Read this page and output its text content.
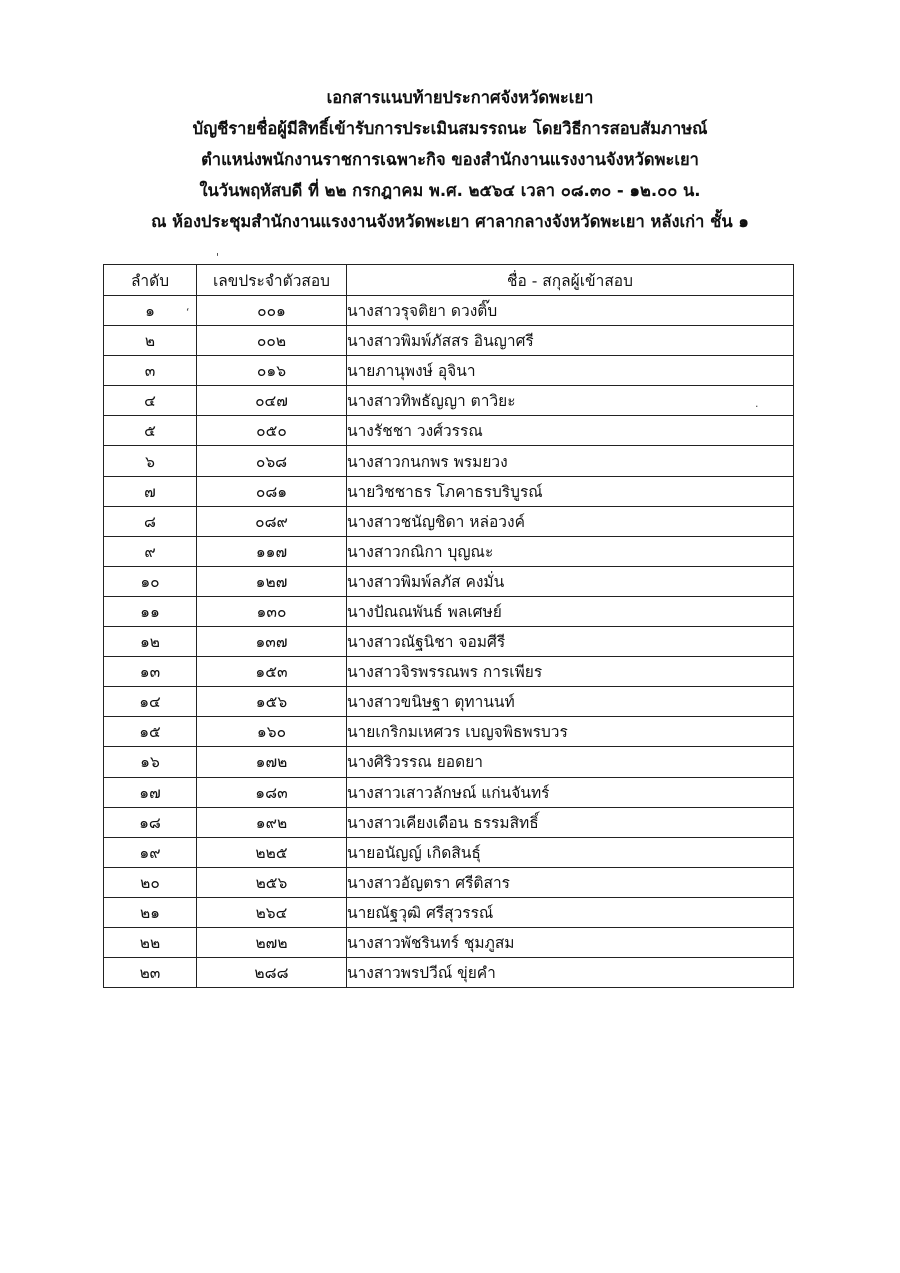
เอกสารแนบท้ายประกาศจังหวัดพะเยา
บัญชีรายชื่อผู้มีสิทธิ์เข้ารับการประเมินสมรรถนะ โดยวิธีการสอบสัมภาษณ์
ตำแหน่งพนักงานราชการเฉพาะกิจ ของสำนักงานแรงงานจังหวัดพะเยา
ในวันพฤหัสบดี ที่ ๒๒ กรกฎาคม พ.ศ. ๒๕๖๔ เวลา ๐๘.๓๐ - ๑๒.๐๐ น.
ณ ห้องประชุมสำนักงานแรงงานจังหวัดพะเยา ศาลากลางจังหวัดพะเยา หลังเก่า ชั้น ๑
ลำดับ	เลขประจำตัวสอบ	ชื่อ - สกุลผู้เข้าสอบ
๑	๐๐๑	นางสาวรุจติยา ดวงติ๊บ
๒	๐๐๒	นางสาวพิมพ์ภัสสร อินญาศรี
๓	๐๑๖	นายภานุพงษ์ อุจินา
๔	๐๔๗	นางสาวทิพธัญญา ตาวิยะ
๕	๐๕๐	นางรัชชา วงศ์วรรณ
๖	๐๖๘	นางสาวกนกพร พรมยวง
๗	๐๘๑	นายวิชชาธร โภคาธรบริบูรณ์
๘	๐๘๙	นางสาวชนัญชิดา หล่อวงค์
๙	๑๑๗	นางสาวกณิกา บุญณะ
๑๐	๑๒๗	นางสาวพิมพ์ลภัส คงมั่น
๑๑	๑๓๐	นางปัณณพันธ์ พลเศษย์
๑๒	๑๓๗	นางสาวณัฐนิชา จอมศีรี
๑๓	๑๕๓	นางสาวจิรพรรณพร การเพียร
๑๔	๑๕๖	นางสาวขนิษฐา ตุทานนท์
๑๕	๑๖๐	นายเกริกมเหศวร เบญจพิธพรบวร
๑๖	๑๗๒	นางศิริวรรณ ยอดยา
๑๗	๑๘๓	นางสาวเสาวลักษณ์ แก่นจันทร์
๑๘	๑๙๒	นางสาวเคียงเดือน ธรรมสิทธิ์
๑๙	๒๒๕	นายอนัญญ์ เกิดสินธุ์
๒๐	๒๕๖	นางสาวอัญตรา ศรีติสาร
๒๑	๒๖๔	นายณัฐวุฒิ ศรีสุวรรณ์
๒๒	๒๗๒	นางสาวพัชรินทร์ ชุมภูสม
๒๓	๒๘๘	นางสาวพรปวีณ์ ขุ่ยคำ
'
‘
·
